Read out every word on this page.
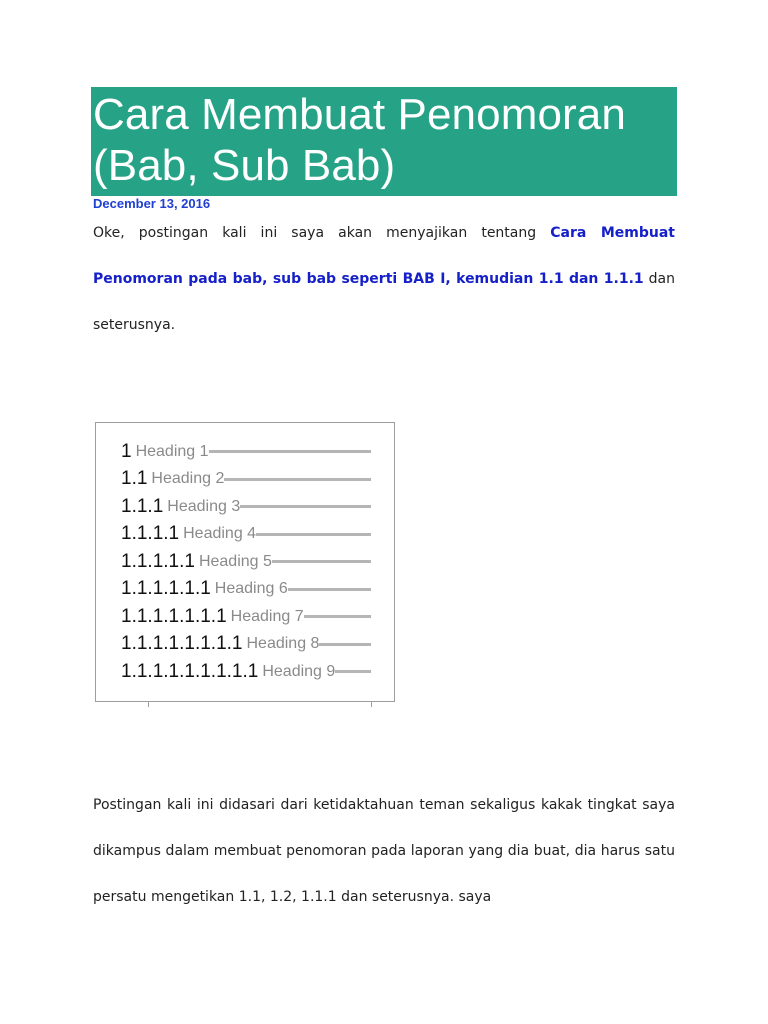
Cara Membuat Penomoran
(Bab, Sub Bab)
December 13, 2016

Oke, postingan kali ini saya akan menyajikan tentang Cara Membuat Penomoran pada bab, sub bab seperti BAB I, kemudian 1.1 dan 1.1.1 dan seterusnya.

1 Heading 1
1.1 Heading 2
1.1.1 Heading 3
1.1.1.1 Heading 4
1.1.1.1.1 Heading 5
1.1.1.1.1.1 Heading 6
1.1.1.1.1.1.1 Heading 7
1.1.1.1.1.1.1.1 Heading 8
1.1.1.1.1.1.1.1.1 Heading 9

Postingan kali ini didasari dari ketidaktahuan teman sekaligus kakak tingkat saya dikampus dalam membuat penomoran pada laporan yang dia buat, dia harus satu persatu mengetikan 1.1, 1.2, 1.1.1 dan seterusnya. saya
